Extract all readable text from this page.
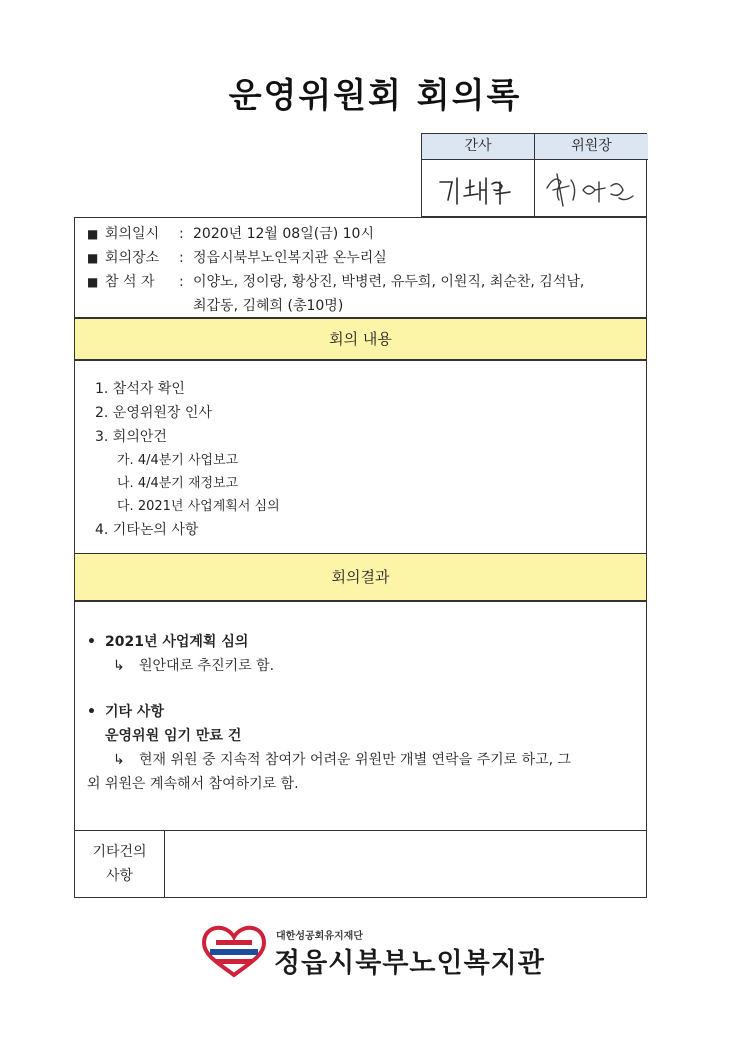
운영위원회 회의록
간사	위원장
■ 회의일시	: 2020년 12월 08일(금) 10시
■ 회의장소	: 정읍시북부노인복지관 온누리실
■ 참 석 자	: 이양노, 정이랑, 황상진, 박병련, 유두희, 이원직, 최순찬, 김석남,
최갑동, 김혜희 (총10명)
회의 내용
1. 참석자 확인
2. 운영위원장 인사
3. 회의안건
가. 4/4분기 사업보고
나. 4/4분기 재정보고
다. 2021년 사업계획서 심의
4. 기타논의 사항
회의결과
• 2021년 사업계획 심의
↳ 원안대로 추진키로 함.
• 기타 사항
운영위원 임기 만료 건
↳ 현재 위원 중 지속적 참여가 어려운 위원만 개별 연락을 주기로 하고, 그
외 위원은 계속해서 참여하기로 함.
기타건의
사항
대한성공회유지재단
정읍시북부노인복지관
